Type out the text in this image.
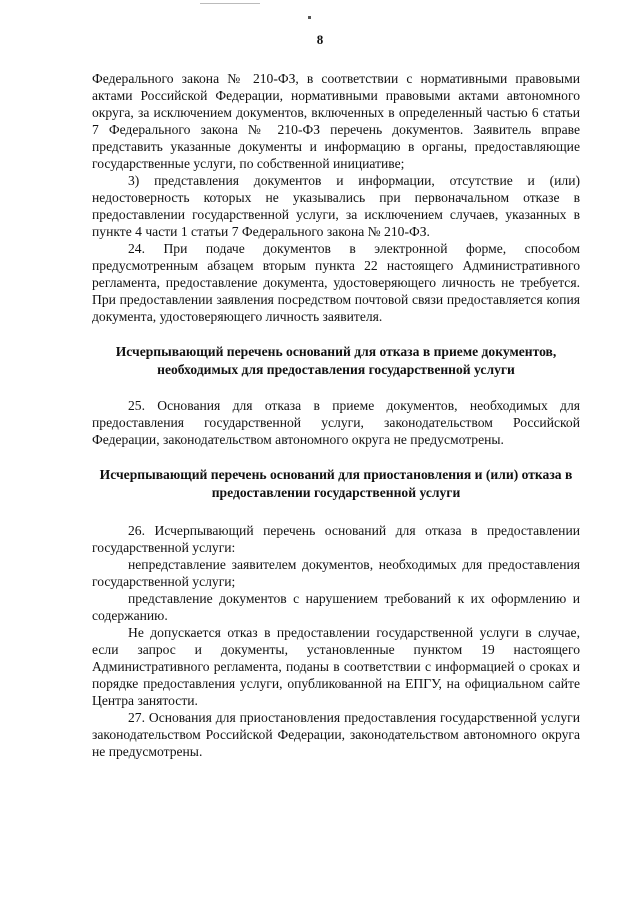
8

Федерального закона № 210-ФЗ, в соответствии с нормативными правовыми актами Российской Федерации, нормативными правовыми актами автономного округа, за исключением документов, включенных в определенный частью 6 статьи 7 Федерального закона № 210-ФЗ перечень документов. Заявитель вправе представить указанные документы и информацию в органы, предоставляющие государственные услуги, по собственной инициативе;

3) представления документов и информации, отсутствие и (или) недостоверность которых не указывались при первоначальном отказе в предоставлении государственной услуги, за исключением случаев, указанных в пункте 4 части 1 статьи 7 Федерального закона № 210-ФЗ.

24. При подаче документов в электронной форме, способом предусмотренным абзацем вторым пункта 22 настоящего Административного регламента, предоставление документа, удостоверяющего личность не требуется. При предоставлении заявления посредством почтовой связи предоставляется копия документа, удостоверяющего личность заявителя.

Исчерпывающий перечень оснований для отказа в приеме документов, необходимых для предоставления государственной услуги

25. Основания для отказа в приеме документов, необходимых для предоставления государственной услуги, законодательством Российской Федерации, законодательством автономного округа не предусмотрены.

Исчерпывающий перечень оснований для приостановления и (или) отказа в предоставлении государственной услуги

26. Исчерпывающий перечень оснований для отказа в предоставлении государственной услуги:

непредставление заявителем документов, необходимых для предоставления государственной услуги;

представление документов с нарушением требований к их оформлению и содержанию.

Не допускается отказ в предоставлении государственной услуги в случае, если запрос и документы, установленные пунктом 19 настоящего Административного регламента, поданы в соответствии с информацией о сроках и порядке предоставления услуги, опубликованной на ЕПГУ, на официальном сайте Центра занятости.

27. Основания для приостановления предоставления государственной услуги законодательством Российской Федерации, законодательством автономного округа не предусмотрены.
